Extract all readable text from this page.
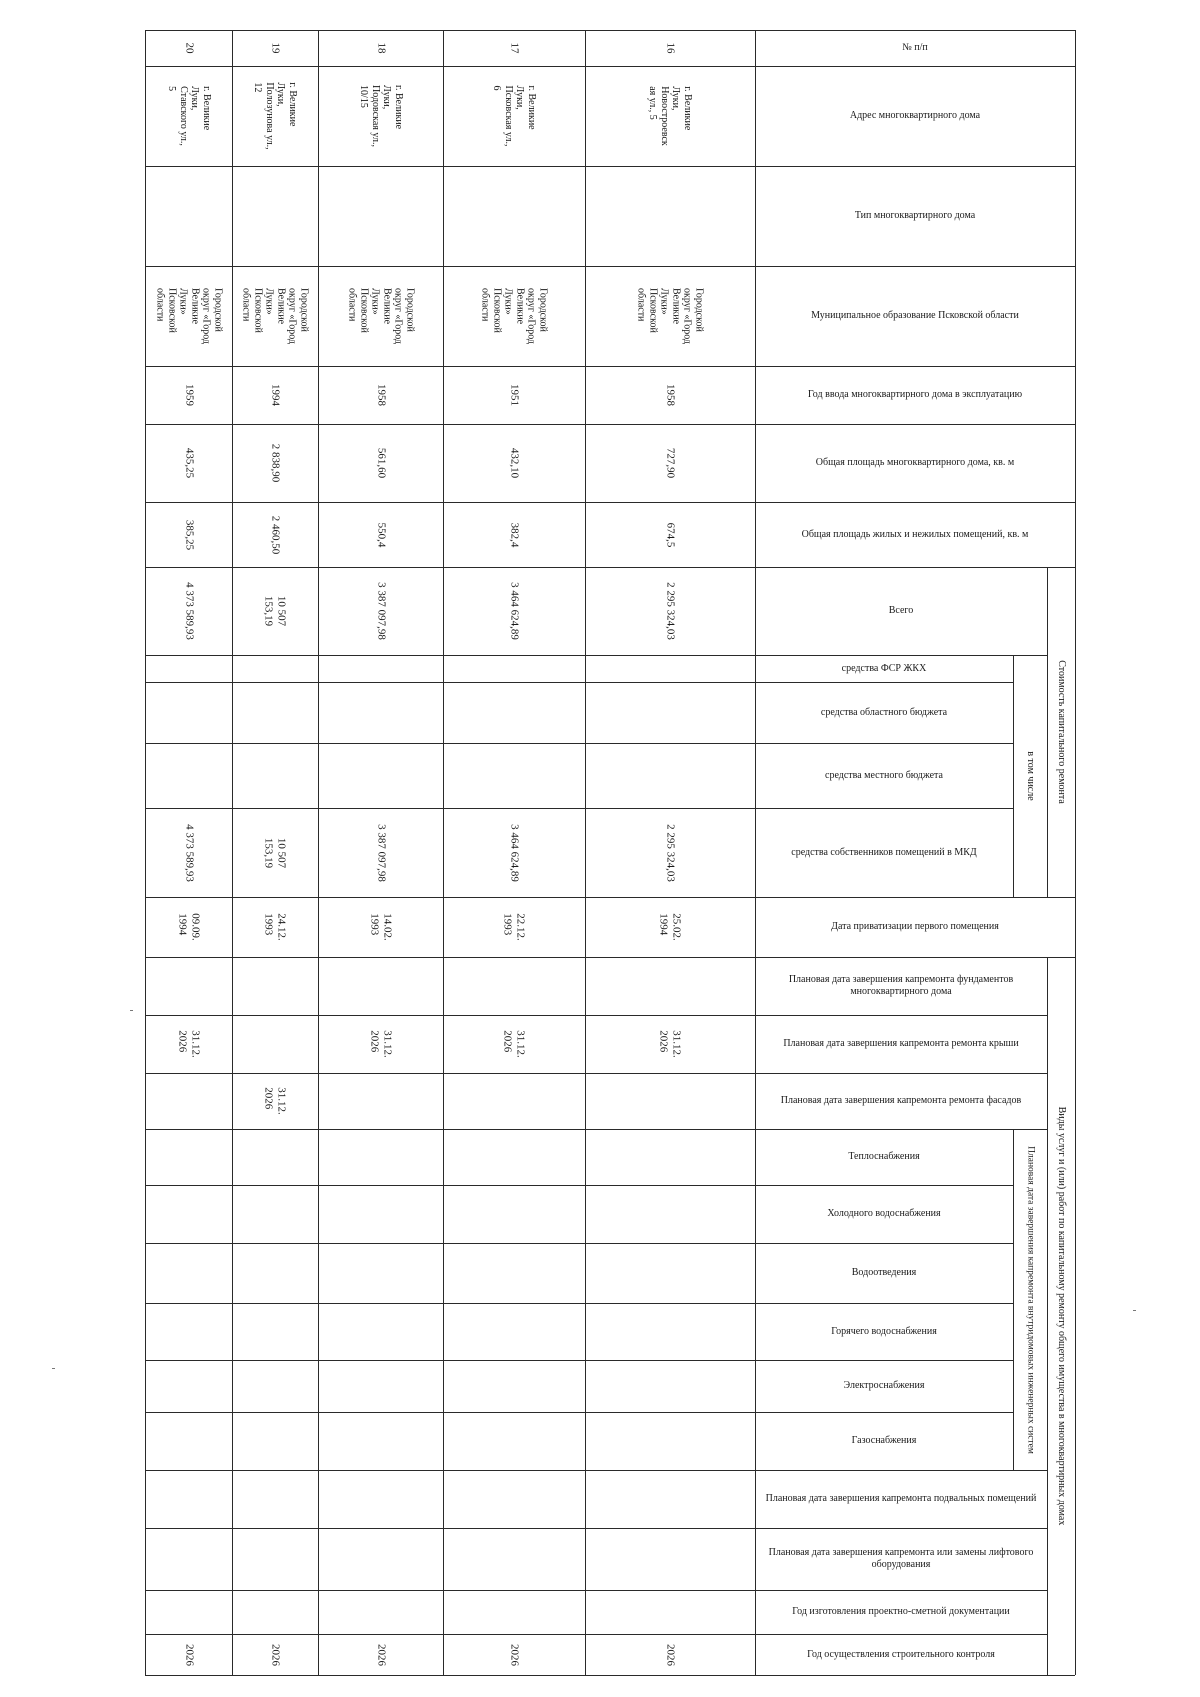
№ п/п
Адрес многоквартирного дома
Тип многоквартирного дома
Муниципальное образование Псковской области
Год ввода многоквартирного дома в эксплуатацию
Общая площадь многоквартирного дома, кв. м
Общая площадь жилых и нежилых помещений, кв. м
Всего
средства ФСР ЖКХ
средства областного бюджета
средства местного бюджета
средства собственников помещений в МКД
Дата приватизации первого помещения
Плановая дата завершения капремонта фундаментов многоквартирного дома
Плановая дата завершения капремонта ремонта крыши
Плановая дата завершения капремонта ремонта фасадов
Теплоснабжения
Холодного водоснабжения
Водоотведения
Горячего водоснабжения
Электроснабжения
Газоснабжения
Плановая дата завершения капремонта подвальных помещений
Плановая дата завершения капремонта или замены лифтового оборудования
Год изготовления проектно-сметной документации
Год осуществления строительного контроля
Стоимость капитального ремонта
в том числе
Виды услуг и (или) работ по капитальному ремонту общего имущества в многоквартирных домах
Плановая дата завершения капремонта внутридомовых инженерных систем
20
г. Великие
Луки,
Ставского ул.,
5
Городской
округ «Город
Великие
Луки»
Псковской
области
1959
435,25
385,25
4 373 589,93
4 373 589,93
09.09.
1994
31.12.
2026
2026
19
г. Великие
Луки,
Полозунова ул.,
12
Городской
округ «Город
Великие
Луки»
Псковской
области
1994
2 838,90
2 460,50
10 507
153,19
10 507
153,19
24.12.
1993
31.12.
2026
2026
18
г. Великие
Луки,
Подовская ул.,
10/15
Городской
округ «Город
Великие
Луки»
Псковской
области
1958
561,60
550,4
3 387 097,98
3 387 097,98
14.02.
1993
31.12.
2026
2026
17
г. Великие
Луки,
Псковская ул.,
6
Городской
округ «Город
Великие
Луки»
Псковской
области
1951
432,10
382,4
3 464 624,89
3 464 624,89
22.12.
1993
31.12.
2026
2026
16
г. Великие
Луки,
Новостроевск
ая ул., 5
Городской
округ «Город
Великие
Луки»
Псковской
области
1958
727,90
674,5
2 295 324,03
2 295 324,03
25.02.
1994
31.12.
2026
2026
